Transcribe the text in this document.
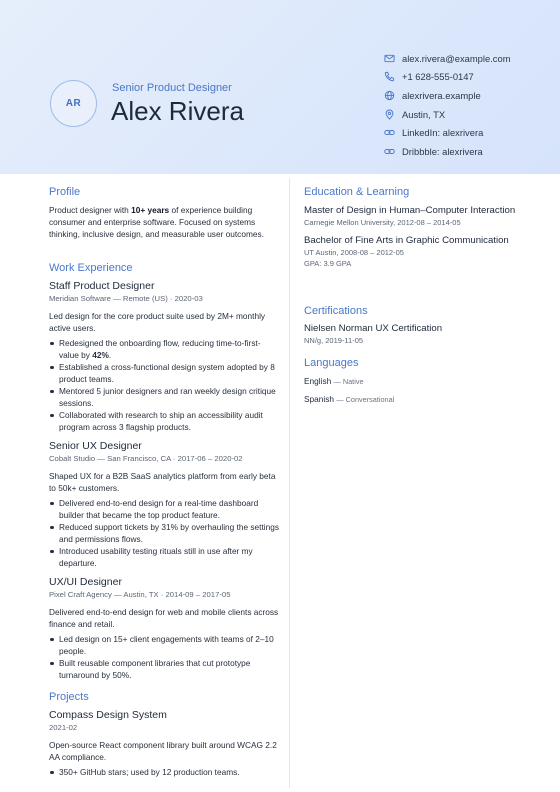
AR
Senior Product Designer
Alex Rivera
alex.rivera@example.com
+1 628-555-0147
alexrivera.example
Austin, TX
LinkedIn: alexrivera
Dribbble: alexrivera
Profile
Product designer with 10+ years of experience building consumer and enterprise software. Focused on systems thinking, inclusive design, and measurable user outcomes.
Work Experience
Staff Product Designer
Meridian Software — Remote (US) · 2020-03
Led design for the core product suite used by 2M+ monthly active users.
Redesigned the onboarding flow, reducing time-to-first-value by 42%.
Established a cross-functional design system adopted by 8 product teams.
Mentored 5 junior designers and ran weekly design critique sessions.
Collaborated with research to ship an accessibility audit program across 3 flagship products.
Senior UX Designer
Cobalt Studio — San Francisco, CA · 2017-06 – 2020-02
Shaped UX for a B2B SaaS analytics platform from early beta to 50k+ customers.
Delivered end-to-end design for a real-time dashboard builder that became the top product feature.
Reduced support tickets by 31% by overhauling the settings and permissions flows.
Introduced usability testing rituals still in use after my departure.
UX/UI Designer
Pixel Craft Agency — Austin, TX · 2014-09 – 2017-05
Delivered end-to-end design for web and mobile clients across finance and retail.
Led design on 15+ client engagements with teams of 2–10 people.
Built reusable component libraries that cut prototype turnaround by 50%.
Projects
Compass Design System
2021-02
Open-source React component library built around WCAG 2.2 AA compliance.
350+ GitHub stars; used by 12 production teams.
Education & Learning
Master of Design in Human–Computer Interaction
Carnegie Mellon University, 2012-08 – 2014-05
Bachelor of Fine Arts in Graphic Communication
UT Austin, 2008-08 – 2012-05
GPA: 3.9 GPA
Certifications
Nielsen Norman UX Certification
NN/g, 2019-11-05
Languages
English — Native
Spanish — Conversational
